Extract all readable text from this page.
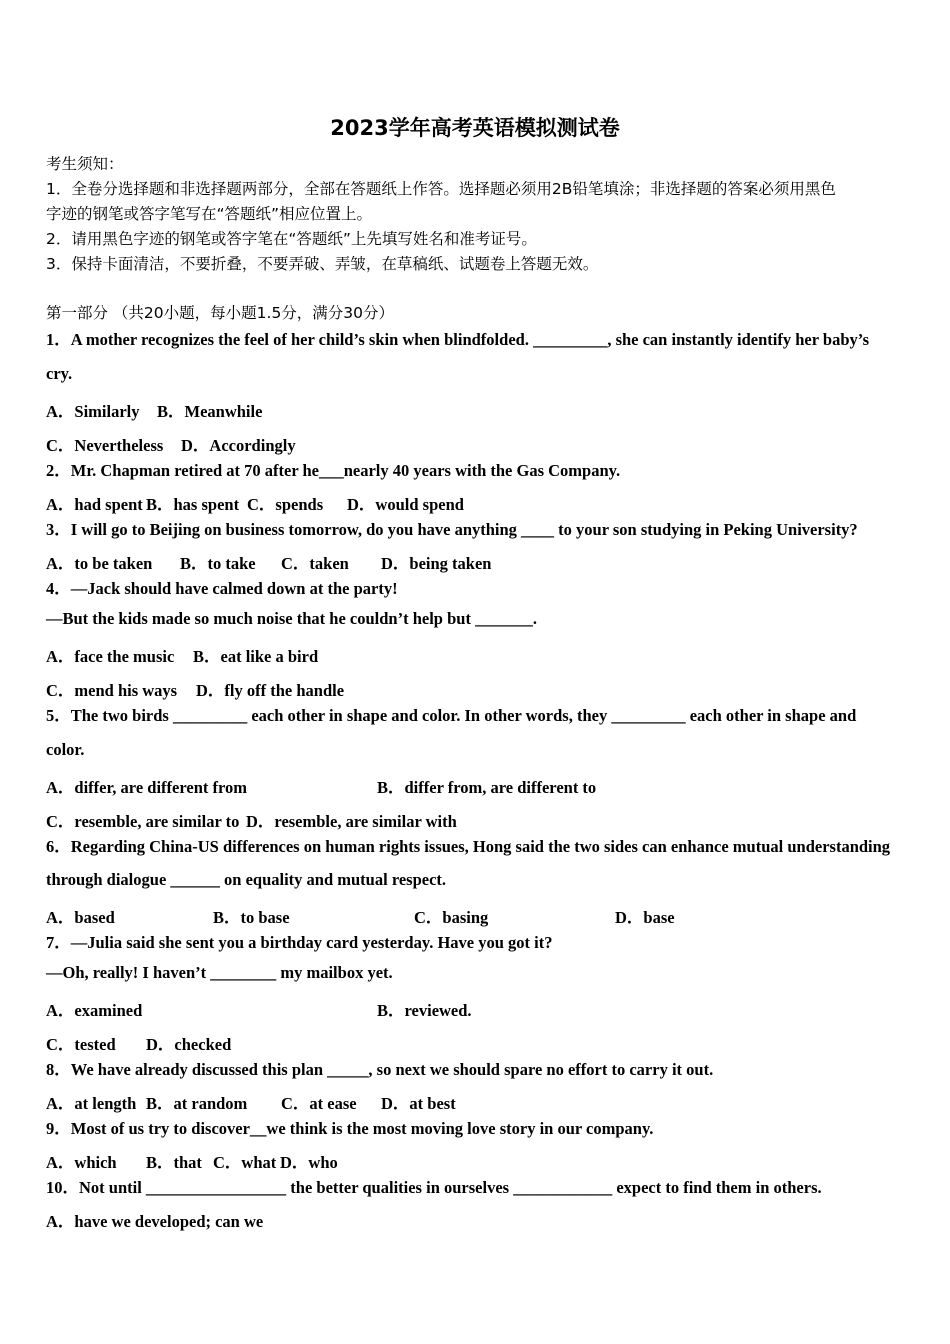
2023学年高考英语模拟测试卷
考生须知：
1．全卷分选择题和非选择题两部分，全部在答题纸上作答。选择题必须用2B铅笔填涂；非选择题的答案必须用黑色
字迹的钢笔或答字笔写在“答题纸”相应位置上。
2．请用黑色字迹的钢笔或答字笔在“答题纸”上先填写姓名和准考证号。
3．保持卡面清洁，不要折叠，不要弄破、弄皱，在草稿纸、试题卷上答题无效。
第一部分 （共20小题，每小题1.5分，满分30分）
1．A mother recognizes the feel of her child’s skin when blindfolded. _________, she can instantly identify her baby’s
cry.
A．Similarly B．Meanwhile
C．Nevertheless D．Accordingly
2．Mr. Chapman retired at 70 after he___nearly 40 years with the Gas Company.
A．had spent B．has spent C．spends D．would spend
3．I will go to Beijing on business tomorrow, do you have anything ____ to your son studying in Peking University?
A．to be taken B．to take C．taken D．being taken
4．—Jack should have calmed down at the party!
—But the kids made so much noise that he couldn’t help but _______.
A．face the music B．eat like a bird
C．mend his ways D．fly off the handle
5．The two birds _________ each other in shape and color. In other words, they _________ each other in shape and
color.
A．differ, are different from	B．differ from, are different to
C．resemble, are similar to D．resemble, are similar with
6．Regarding China-US differences on human rights issues, Hong said the two sides can enhance mutual understanding
through dialogue ______ on equality and mutual respect.
A．based	B．to base	C．basing	D．base
7．—Julia said she sent you a birthday card yesterday. Have you got it?
—Oh, really! I haven’t ________ my mailbox yet.
A．examined	B．reviewed.
C．tested D．checked
8．We have already discussed this plan _____, so next we should spare no effort to carry it out.
A．at length B．at random C．at ease D．at best
9．Most of us try to discover__we think is the most moving love story in our company.
A．which B．that C．what D．who
10．Not until _________________ the better qualities in ourselves ____________ expect to find them in others.
A．have we developed; can we
